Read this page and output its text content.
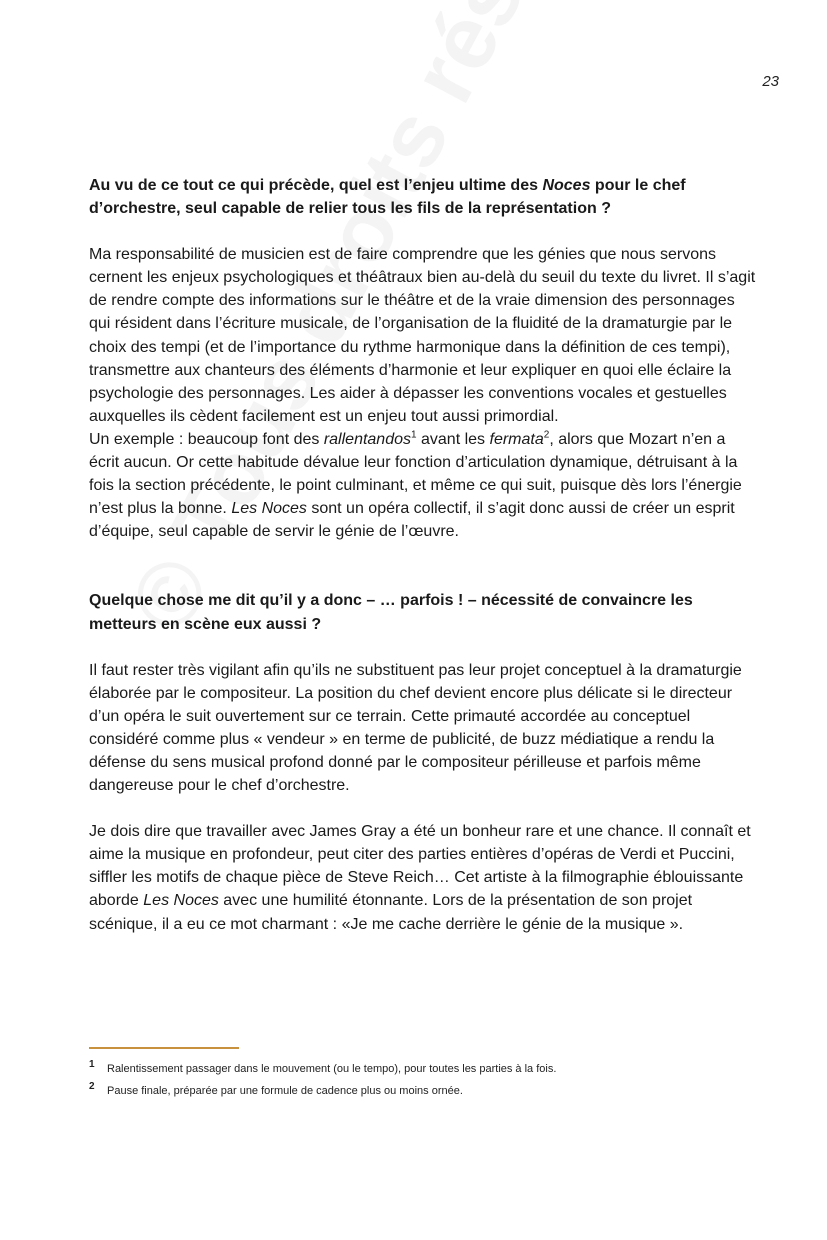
23

Au vu de ce tout ce qui précède, quel est l’enjeu ultime des Noces pour le chef d’orchestre, seul capable de relier tous les fils de la représentation ?

Ma responsabilité de musicien est de faire comprendre que les génies que nous servons cernent les enjeux psychologiques et théâtraux bien au-delà du seuil du texte du livret. Il s’agit de rendre compte des informations sur le théâtre et de la vraie dimension des personnages qui résident dans l’écriture musicale, de l’organisation de la fluidité de la dramaturgie par le choix des tempi (et de l’importance du rythme harmonique dans la définition de ces tempi), transmettre aux chanteurs des éléments d’harmonie et leur expliquer en quoi elle éclaire la psychologie des personnages. Les aider à dépasser les conventions vocales et gestuelles auxquelles ils cèdent facilement est un enjeu tout aussi primordial.
Un exemple : beaucoup font des rallentandos$^1$ avant les fermata$^2$, alors que Mozart n’en a écrit aucun. Or cette habitude dévalue leur fonction d’articulation dynamique, détruisant à la fois la section précédente, le point culminant, et même ce qui suit, puisque dès lors l’énergie n’est plus la bonne. Les Noces sont un opéra collectif, il s’agit donc aussi de créer un esprit d’équipe, seul capable de servir le génie de l’œuvre.

Quelque chose me dit qu’il y a donc – … parfois ! – nécessité de convaincre les metteurs en scène eux aussi ?

Il faut rester très vigilant afin qu’ils ne substituent pas leur projet conceptuel à la dramaturgie élaborée par le compositeur. La position du chef devient encore plus délicate si le directeur d’un opéra le suit ouvertement sur ce terrain. Cette primauté accordée au conceptuel considéré comme plus « vendeur » en terme de publicité, de buzz médiatique a rendu la défense du sens musical profond donné par le compositeur périlleuse et parfois même dangereuse pour le chef d’orchestre.

Je dois dire que travailler avec James Gray a été un bonheur rare et une chance. Il connaît et aime la musique en profondeur, peut citer des parties entières d’opéras de Verdi et Puccini, siffler les motifs de chaque pièce de Steve Reich… Cet artiste à la filmographie éblouissante aborde Les Noces avec une humilité étonnante. Lors de la présentation de son projet scénique, il a eu ce mot charmant : «Je me cache derrière le génie de la musique ».

1	Ralentissement passager dans le mouvement (ou le tempo), pour toutes les parties à la fois.
2	Pause finale, préparée par une formule de cadence plus ou moins ornée.
